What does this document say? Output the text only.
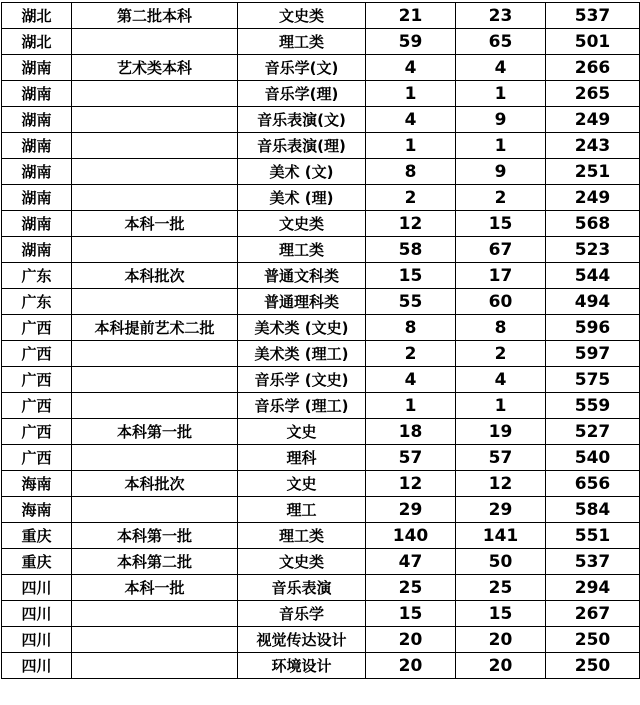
湖北	第二批本科	文史类	21	23	537
湖北		理工类	59	65	501
湖南	艺术类本科	音乐学(文)	4	4	266
湖南		音乐学(理)	1	1	265
湖南		音乐表演(文)	4	9	249
湖南		音乐表演(理)	1	1	243
湖南		美术 (文)	8	9	251
湖南		美术 (理)	2	2	249
湖南	本科一批	文史类	12	15	568
湖南		理工类	58	67	523
广东	本科批次	普通文科类	15	17	544
广东		普通理科类	55	60	494
广西	本科提前艺术二批	美术类 (文史)	8	8	596
广西		美术类 (理工)	2	2	597
广西		音乐学 (文史)	4	4	575
广西		音乐学 (理工)	1	1	559
广西	本科第一批	文史	18	19	527
广西		理科	57	57	540
海南	本科批次	文史	12	12	656
海南		理工	29	29	584
重庆	本科第一批	理工类	140	141	551
重庆	本科第二批	文史类	47	50	537
四川	本科一批	音乐表演	25	25	294
四川		音乐学	15	15	267
四川		视觉传达设计	20	20	250
四川		环境设计	20	20	250
